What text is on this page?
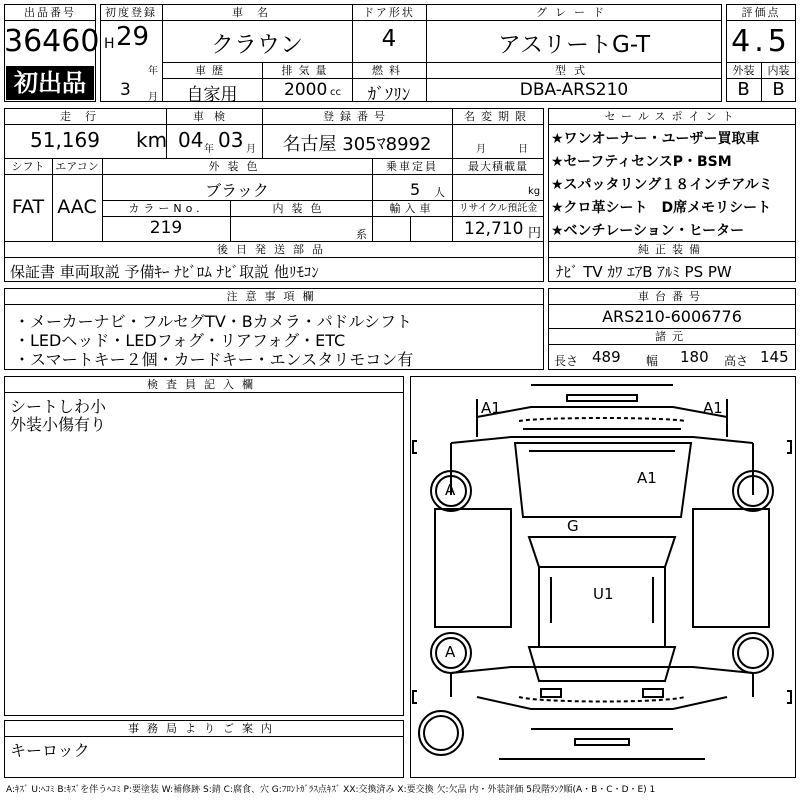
出品番号
36460
初出品
初度登録
H 29
年
3 月
車名
クラウン
ドア形状
4
グレード
アスリートG-T
車歴
自家用
排気量
2000 cc
燃料
ｶﾞｿﾘﾝ
型式
DBA-ARS210
評価点
4.5
外装	内装
B	B
走行
51,169 km
車検
04 年 03 月
登録番号
名古屋 305ﾏ8992
名変期限
月	日
シフト
FAT
エアコン
AAC
外装色
ブラック
乗車定員
5 人
最大積載量
kg
カラーNo.
219
内装色
系
輸入車	リサイクル預託金
12,710 円
後日発送部品
保証書 車両取説 予備ｷｰ ﾅﾋﾞﾛﾑ ﾅﾋﾞ取説 他ﾘﾓｺﾝ
セールスポイント
★ワンオーナー・ユーザー買取車
★セーフティセンスP・BSM
★スパッタリング１８インチアルミ
★クロ革シート　D席メモリシート
★ベンチレーション・ヒーター
純正装備
ﾅﾋﾞ TV ｶﾜ ｴｱB ｱﾙﾐ PS PW
注意事項欄
・メーカーナビ・フルセグTV・Bカメラ・パドルシフト
・LEDヘッド・LEDフォグ・リアフォグ・ETC
・スマートキー２個・カードキー・エンスタリモコン有
車台番号
ARS210-6006776
諸元
長さ 489 幅 180 高さ 145
検査員記入欄
シートしわ小
外装小傷有り
事務局よりご案内
キーロック
A1	A1
A1
A
A
G
U1
A:ｷｽﾞ U:ﾍｺﾐ B:ｷｽﾞを伴うﾍｺﾐ P:要塗装 W:補修跡 S:錆 C:腐食、穴 G:ﾌﾛﾝﾄｶﾞﾗｽ点ｷｽﾞ XX:交換済み X:要交換 欠:欠品 内・外装評価 5段階ﾗﾝｸ順(A・B・C・D・E) 1
